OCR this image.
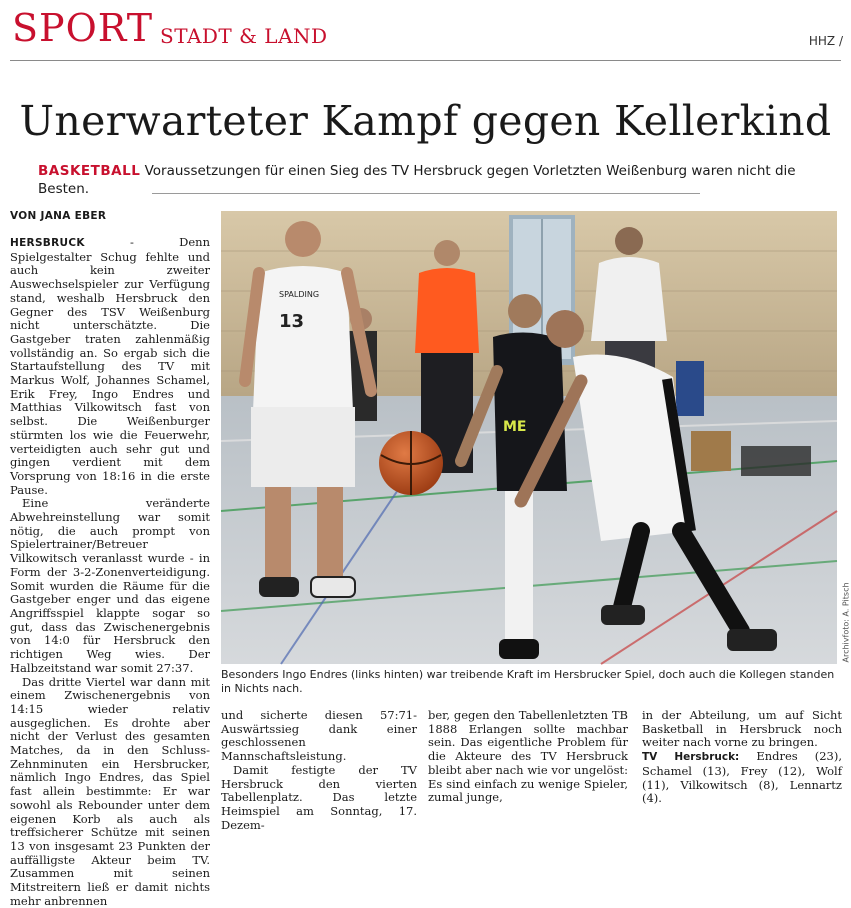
SPORT STADT & LAND	HHZ /
Unerwarteter Kampf gegen Kellerkind
BASKETBALL Voraussetzungen für einen Sieg des TV Hersbruck gegen Vorletzten Weißenburg waren nicht die Besten.
VON JANA EBER

HERSBRUCK - Denn Spielgestalter Schug fehlte und auch kein zweiter Auswechselspieler zur Verfügung stand, weshalb Hersbruck den Gegner des TSV Weißenburg nicht unterschätzte. Die Gastgeber traten zahlenmäßig vollständig an. So ergab sich die Startaufstellung des TV mit Markus Wolf, Johannes Schamel, Erik Frey, Ingo Endres und Matthias Vilkowitsch fast von selbst. Die Weißenburger stürmten los wie die Feuerwehr, verteidigten auch sehr gut und gingen verdient mit dem Vorsprung von 18:16 in die erste Pause.

Eine veränderte Abwehreinstellung war somit nötig, die auch prompt von Spielertrainer/Betreuer Vilkowitsch veranlasst wurde - in Form der 3-2-Zonenverteidigung. Somit wurden die Räume für die Gastgeber enger und das eigene Angriffsspiel klappte sogar so gut, dass das Zwischenergebnis von 14:0 für Hersbruck den richtigen Weg wies. Der Halbzeitstand war somit 27:37.

Das dritte Viertel war dann mit einem Zwischenergebnis von 14:15 wieder relativ ausgeglichen. Es drohte aber nicht der Verlust des gesamten Matches, da in den Schluss-Zehnminuten ein Hersbrucker, nämlich Ingo Endres, das Spiel fast allein bestimmte: Er war sowohl als Rebounder unter dem eigenen Korb als auch als treffsicherer Schütze mit seinen 13 von insgesamt 23 Punkten der auffälligste Akteur beim TV. Zusammen mit seinen Mitstreitern ließ er damit nichts mehr anbrennen

SPALDING
13
ME
Archivfoto: A. Pitsch
Besonders Ingo Endres (links hinten) war treibende Kraft im Hersbrucker Spiel, doch auch die Kollegen standen in Nichts nach.

und sicherte diesen 57:71-Auswärtssieg dank einer geschlossenen Mannschaftsleistung.

Damit festigte der TV Hersbruck den vierten Tabellenplatz. Das letzte Heimspiel am Sonntag, 17. Dezem-

ber, gegen den Tabellenletzten TB 1888 Erlangen sollte machbar sein. Das eigentliche Problem für die Akteure des TV Hersbruck bleibt aber nach wie vor ungelöst: Es sind einfach zu wenige Spieler, zumal junge,

in der Abteilung, um auf Sicht Basketball in Hersbruck noch weiter nach vorne zu bringen.

TV Hersbruck: Endres (23), Schamel (13), Frey (12), Wolf (11), Vilkowitsch (8), Lennartz (4).
